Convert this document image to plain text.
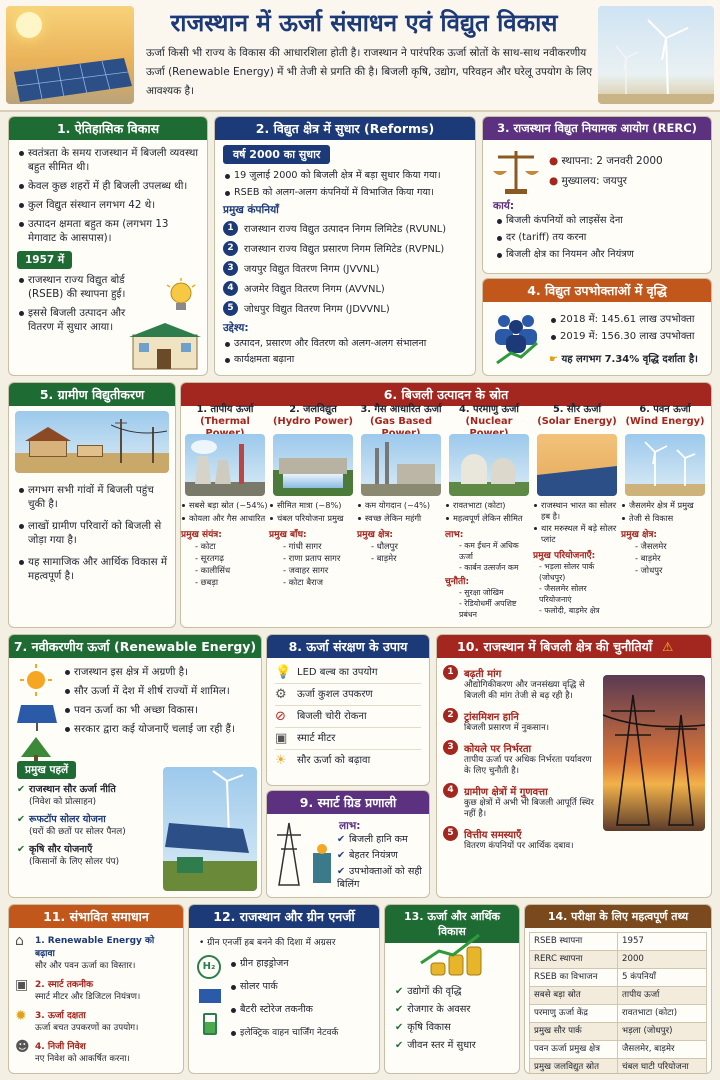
राजस्थान में ऊर्जा संसाधन एवं विद्युत विकास
ऊर्जा किसी भी राज्य के विकास की आधारशिला होती है। राजस्थान ने पारंपरिक ऊर्जा स्रोतों के साथ-साथ नवीकरणीय ऊर्जा (Renewable Energy) में भी तेजी से प्रगति की है। बिजली कृषि, उद्योग, परिवहन और घरेलू उपयोग के लिए आवश्यक है।
1. ऐतिहासिक विकास
स्वतंत्रता के समय राजस्थान में बिजली व्यवस्था बहुत सीमित थी।
केवल कुछ शहरों में ही बिजली उपलब्ध थी।
कुल विद्युत संस्थान लगभग 42 थे।
उत्पादन क्षमता बहुत कम (लगभग 13 मेगावाट के आसपास)।
1957 में
राजस्थान राज्य विद्युत बोर्ड (RSEB) की स्थापना हुई।
इससे बिजली उत्पादन और वितरण में सुधार आया।
2. विद्युत क्षेत्र में सुधार (Reforms)
वर्ष 2000 का सुधार
19 जुलाई 2000 को बिजली क्षेत्र में बड़ा सुधार किया गया।
RSEB को अलग-अलग कंपनियों में विभाजित किया गया।
प्रमुख कंपनियाँ
1	राजस्थान राज्य विद्युत उत्पादन निगम लिमिटेड (RVUNL)
2	राजस्थान राज्य विद्युत प्रसारण निगम लिमिटेड (RVPNL)
3	जयपुर विद्युत वितरण निगम (JVVNL)
4	अजमेर विद्युत वितरण निगम (AVVNL)
5	जोधपुर विद्युत वितरण निगम (JDVVNL)
उद्देश्य:
उत्पादन, प्रसारण और वितरण को अलग-अलग संभालना
कार्यक्षमता बढ़ाना
3. राजस्थान विद्युत नियामक आयोग (RERC)
● स्थापना: 2 जनवरी 2000
● मुख्यालय: जयपुर
कार्य:
बिजली कंपनियों को लाइसेंस देना
दर (tariff) तय करना
बिजली क्षेत्र का नियमन और नियंत्रण
4. विद्युत उपभोक्ताओं में वृद्धि
2018 में: 145.61 लाख उपभोक्ता
2019 में: 156.30 लाख उपभोक्ता
☛ यह लगभग 7.34% वृद्धि दर्शाता है।
5. ग्रामीण विद्युतीकरण
लगभग सभी गांवों में बिजली पहुंच चुकी है।
लाखों ग्रामीण परिवारों को बिजली से जोड़ा गया है।
यह सामाजिक और आर्थिक विकास में महत्वपूर्ण है।
6. बिजली उत्पादन के स्रोत
1. तापीय ऊर्जा
(Thermal
सबसे बड़ा स्रोत (~54%)
कोयला और गैस आधारित
प्रमुख संयंत्र:
- कोटा
- सूरतगढ़
- कालीसिंध
- छबड़ा
2. जलविद्युत
(Hydro Power)
सीमित मात्रा (~8%)
चंबल परियोजना प्रमुख
प्रमुख बाँध:
- गांधी सागर
- राणा प्रताप सागर
- जवाहर सागर
- कोटा बैराज
3. गैस आधारित ऊर्जा
(Gas Based
कम योगदान (~4%)
स्वच्छ लेकिन महंगी
प्रमुख क्षेत्र:
- धौलपुर
- बाड़मेर
4. परमाणु ऊर्जा
(Nuclear
रावतभाटा (कोटा)
महत्वपूर्ण लेकिन सीमित
लाभ:
- कम ईंधन में अधिक ऊर्जा
- कार्बन उत्सर्जन कम
चुनौती:
- सुरक्षा जोखिम
- रेडियोधर्मी अपशिष्ट प्रबंधन
5. सौर ऊर्जा
(Solar Energy)
राजस्थान भारत का सोलर हब है।
थार मरुस्थल में बड़े सोलर प्लांट
प्रमुख परियोजनाएँ:
- भड़ला सोलर पार्क (जोधपुर)
- जैसलमेर सोलर परियोजनाएं
- फलोदी, बाड़मेर क्षेत्र
6. पवन ऊर्जा
(Wind Energy)
जैसलमेर क्षेत्र में प्रमुख
तेजी से विकास
प्रमुख क्षेत्र:
- जैसलमेर
- बाड़मेर
- जोधपुर
7. नवीकरणीय ऊर्जा (Renewable Energy)
राजस्थान इस क्षेत्र में अग्रणी है।
सौर ऊर्जा में देश में शीर्ष राज्यों में शामिल।
पवन ऊर्जा का भी अच्छा विकास।
सरकार द्वारा कई योजनाएँ चलाई जा रही हैं।
प्रमुख पहलें
✔ राजस्थान सौर ऊर्जा नीति
(निवेश को प्रोत्साहन)
✔ रूफटॉप सोलर योजना
(घरों की छतों पर सोलर पैनल)
✔ कृषि सौर योजनाएँ
(किसानों के लिए सोलर पंप)
8. ऊर्जा संरक्षण के उपाय
💡 LED बल्ब का उपयोग
⚙	ऊर्जा कुशल उपकरण
⊘	बिजली चोरी रोकना
▣ स्मार्ट मीटर
☀	सौर ऊर्जा को बढ़ावा
9. स्मार्ट ग्रिड प्रणाली
लाभ:
✔ बिजली हानि कम
✔ बेहतर नियंत्रण
✔ उपभोक्ताओं को सही बिलिंग
10. राजस्थान में बिजली क्षेत्र की चुनौतियाँ ⚠
1	बढ़ती मांग
औद्योगिकीकरण और जनसंख्या वृद्धि से बिजली की मांग तेजी से बढ़ रही है।
2	ट्रांसमिशन हानि
बिजली प्रसारण में नुकसान।
3	कोयले पर निर्भरता
तापीय ऊर्जा पर अधिक निर्भरता पर्यावरण के लिए चुनौती है।
4	ग्रामीण क्षेत्रों में गुणवत्ता
कुछ क्षेत्रों में अभी भी बिजली आपूर्ति स्थिर नहीं है।
5	वित्तीय समस्याएँ
वितरण कंपनियों पर आर्थिक दबाव।
11. संभावित समाधान
⌂	1. Renewable Energy को बढ़ावा
सौर और पवन ऊर्जा का विस्तार।
▣ 2. स्मार्ट तकनीक
स्मार्ट मीटर और डिजिटल नियंत्रण।
✹ 3. ऊर्जा दक्षता
ऊर्जा बचत उपकरणों का उपयोग।
☻ 4. निजी निवेश
नए निवेश को आकर्षित करना।
12. राजस्थान और ग्रीन एनर्जी
• ग्रीन एनर्जी हब बनने की दिशा में अग्रसर
H₂	ग्रीन हाइड्रोजन
सोलर पार्क
बैटरी स्टोरेज तकनीक
इलेक्ट्रिक वाहन चार्जिंग नेटवर्क
13. ऊर्जा और आर्थिक विकास
✔ उद्योगों की वृद्धि
✔ रोजगार के अवसर
✔ कृषि विकास
✔ जीवन स्तर में सुधार
14. परीक्षा के लिए महत्वपूर्ण तथ्य
RSEB स्थापना	1957
RERC स्थापना	2000
RSEB का विभाजन	5 कंपनियाँ
सबसे बड़ा स्रोत	तापीय ऊर्जा
परमाणु ऊर्जा केंद्र	रावतभाटा (कोटा)
प्रमुख सौर पार्क	भड़ला (जोधपुर)
पवन ऊर्जा प्रमुख क्षेत्र	जैसलमेर, बाड़मेर
प्रमुख जलविद्युत स्रोत	चंबल घाटी परियोजना
